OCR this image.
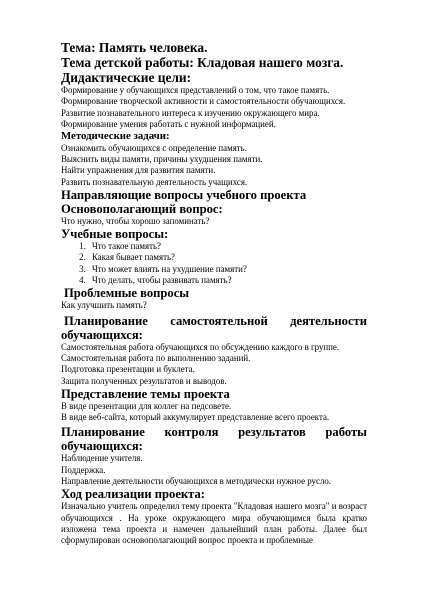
Тема: Память человека.

Тема детской работы: Кладовая нашего мозга.

Дидактические цели:

Формирование у обучающихся представлений о том, что такое память.

Формирование творческой активности и самостоятельности обучающихся.

Развитие познавательного интереса к изучению окружающего мира.

Формирование умения работать с нужной информацией.

Методические задачи:

Ознакомить обучающихся с определение память.

Выяснить виды памяти, причины ухудшения памяти.

Найти упражнения для развития памяти.

Развить познавательную деятельность учащихся.

Направляющие вопросы учебного проекта

Основополагающий вопрос:

Что нужно, чтобы хорошо запоминать?

Учебные вопросы:

1. Что такое память?
2. Какая бывает память?
3. Что может влиять на ухудшение памяти?
4. Что делать, чтобы развивать память?

Проблемные вопросы

Как улучшить память?

Планирование самостоятельной деятельности

обучающихся:

Самостоятельная работа обучающихся по обсуждению каждого в группе.

Самостоятельная работа по выполнению заданий.

Подготовка презентации и буклета.

Защита полученных результатов и выводов.

Представление темы проекта

В виде презентации для коллег на педсовете.

В виде веб-сайта, который аккумулирует представление всего проекта.

Планирование контроля результатов работы

обучающихся:

Наблюдение учителя.

Поддержка.

Направление деятельности обучающихся в методически нужное русло.

Ход реализации проекта:

Изначально учитель определил тему проекта "Кладовая нашего мозга" и возраст обучающихся . На уроке окружающего мира обучающимся была кратко изложена тема проекта и намечен дальнейший план работы. Далее был сформулирован основополагающий вопрос проекта и проблемные
